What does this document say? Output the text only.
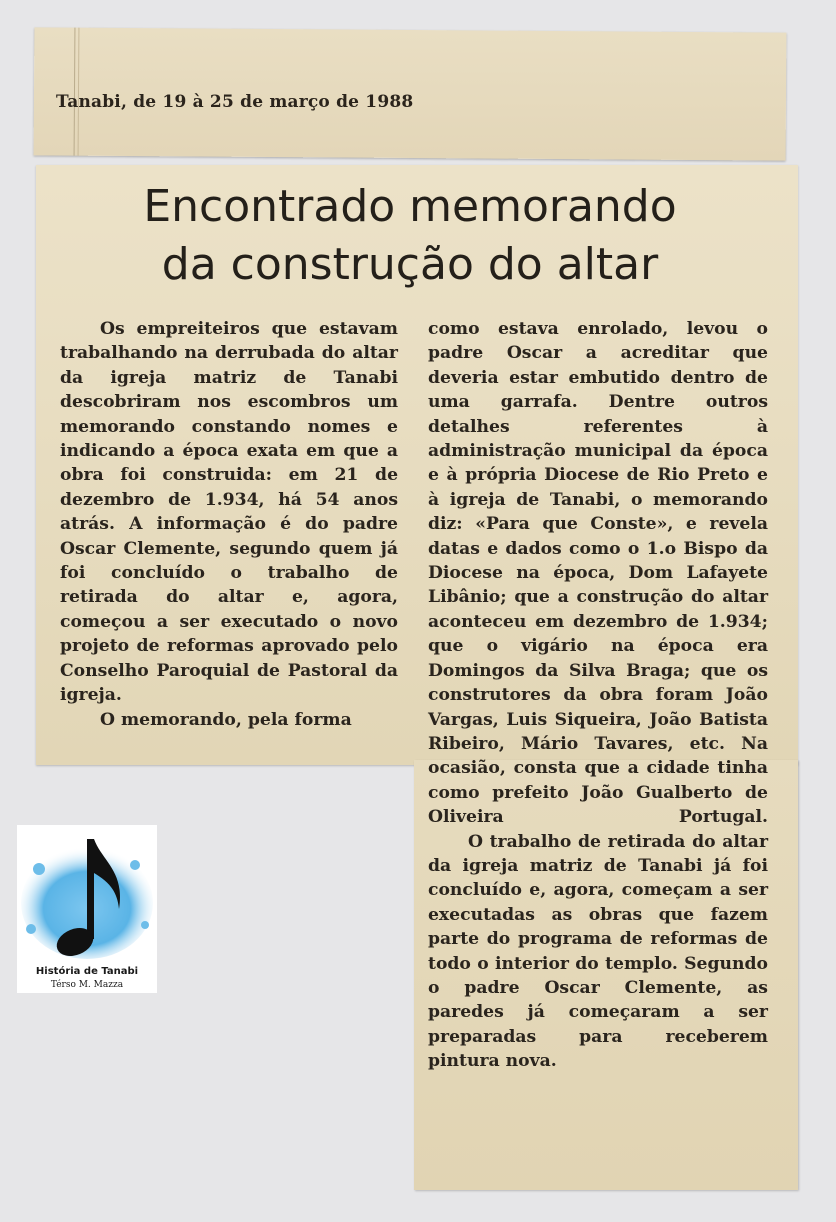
Tanabi, de 19 à 25 de março de 1988
Encontrado memorando
da construção do altar

Os empreiteiros que estavam trabalhando na derrubada do altar da igreja matriz de Tanabi descobriram nos escombros um memorando constando nomes e indicando a época exata em que a obra foi construida: em 21 de dezembro de 1.934, há 54 anos atrás. A informação é do padre Oscar Clemente, segundo quem já foi concluído o trabalho de retirada do altar e, agora, começou a ser executado o novo projeto de reformas aprovado pelo Conselho Paroquial de Pastoral da igreja.

O memorando, pela forma

como estava enrolado, levou o padre Oscar a acreditar que deveria estar embutido dentro de uma garrafa. Dentre outros detalhes referentes à administração municipal da época e à própria Diocese de Rio Preto e à igreja de Tanabi, o memorando diz: «Para que Conste», e revela datas e dados como o 1.o Bispo da Diocese na época, Dom Lafayete Libânio; que a construção do altar aconteceu em dezembro de 1.934; que o vigário na época era Domingos da Silva Braga; que os construtores da obra foram João Vargas, Luis Siqueira, João Batista Ribeiro, Mário Tavares, etc. Na ocasião, consta que a cidade tinha como prefeito João Gualberto de Oliveira Portugal.

O trabalho de retirada do altar da igreja matriz de Tanabi já foi concluído e, agora, começam a ser executadas as obras que fazem parte do programa de reformas de todo o interior do templo. Segundo o padre Oscar Clemente, as paredes já começaram a ser preparadas para receberem pintura nova.

História de Tanabi
Térso M. Mazza
